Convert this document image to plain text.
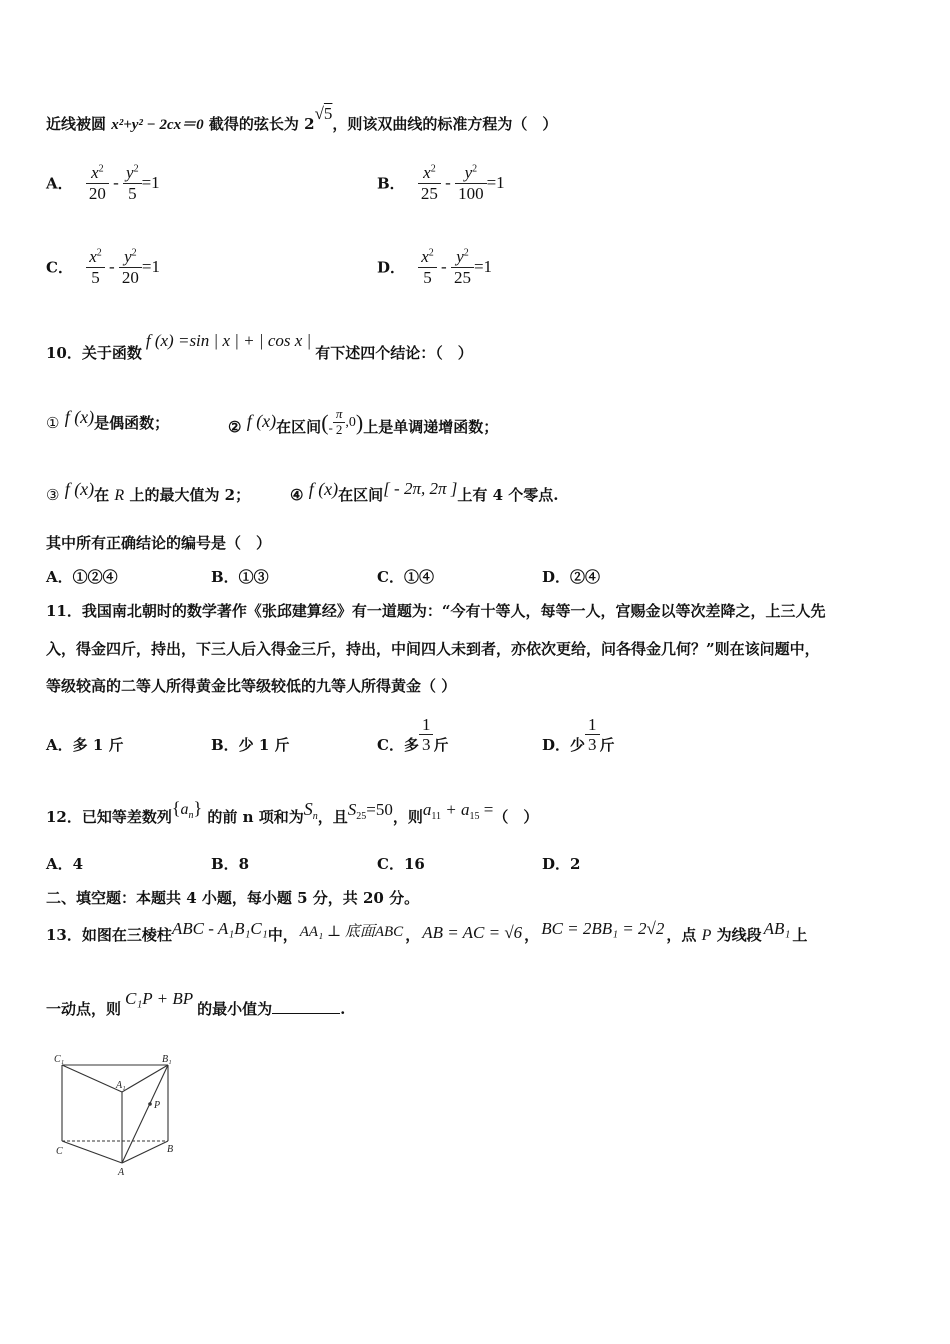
近线被圆 x²+y² − 2cx＝0 截得的弦长为 2√5，则该双曲线的标准方程为（　）
A． $\frac{x^2}{20} - \frac{y^2}{5} =1$	B． $\frac{x^2}{25} - \frac{y^2}{100} =1$
C． $\frac{x^2}{5} - \frac{y^2}{20} =1$	D． $\frac{x^2}{5} - \frac{y^2}{25} =1$
10．关于函数f (x) =sin | x | + | cos x |有下述四个结论：（　）
① f (x)是偶函数；	② f (x)在区间(- $\frac{\pi}{2} ,0$)上是单调递增函数；
③ f (x)在 R 上的最大值为 2；	④ f (x)在区间[ - 2π, 2π ]上有 4 个零点.
其中所有正确结论的编号是（　）
A．①②④	B．①③	C．①④	D．②④
11．我国南北朝时的数学著作《张邱建算经》有一道题为：“今有十等人，每等一人，宫赐金以等次差降之，上三人先
入，得金四斤，持出，下三人后入得金三斤，持出，中间四人未到者，亦依次更给，问各得金几何？”则在该问题中，
等级较高的二等人所得黄金比等级较低的九等人所得黄金（ ）
A．多 1 斤	B．少 1 斤	C．多 $\frac{1}{3}$ 斤	D．少 $\frac{1}{3}$ 斤
12．已知等差数列$\{a_n\}$ 的前 n 项和为$S_n$，且$S_{25}=50$，则$a_{11} + a_{15}$ =（　）
A．4	B．8	C．16	D．2
二、填空题：本题共 4 小题，每小题 5 分，共 20 分。
13．如图在三棱柱ABC - A₁B₁C₁中， AA₁ ⊥ 底面ABC ， AB = AC = √6 ， BC = 2BB₁ = 2√2 ，点 P 为线段 AB₁ 上
一动点，则C₁P + BP的最小值为	.
C₁	B₁
A₁
P
C	B
A
